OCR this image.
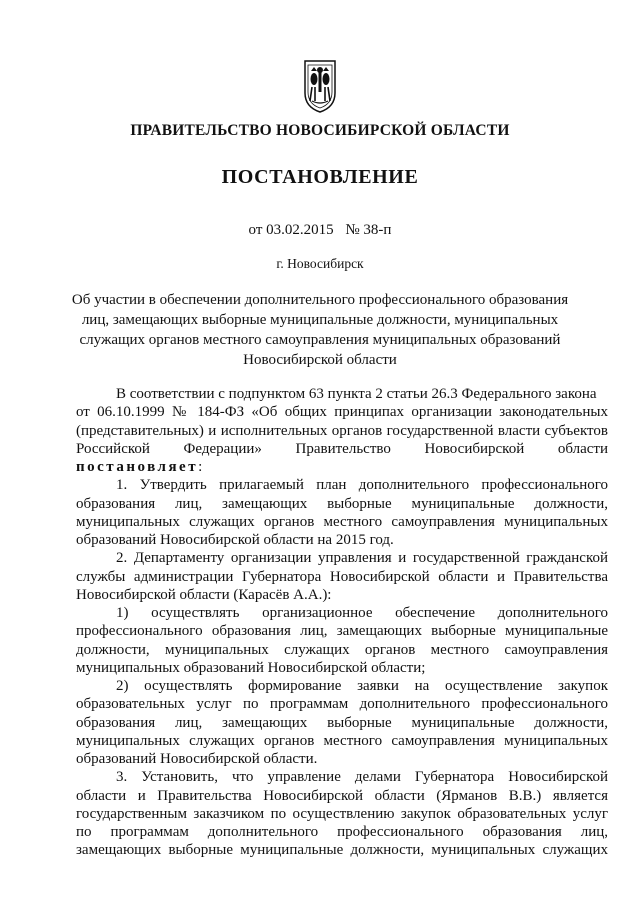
ПРАВИТЕЛЬСТВО НОВОСИБИРСКОЙ ОБЛАСТИ
ПОСТАНОВЛЕНИЕ
от 03.02.2015 № 38-п
г. Новосибирск
Об участии в обеспечении дополнительного профессионального образования
лиц, замещающих выборные муниципальные должности, муниципальных
служащих органов местного самоуправления муниципальных образований
Новосибирской области
В соответствии с подпунктом 63 пункта 2 статьи 26.3 Федерального закона
от 06.10.1999 № 184-ФЗ «Об общих принципах организации законодательных
(представительных) и исполнительных органов государственной власти субъектов
Российской Федерации» Правительство Новосибирской области
постановляет:
1. Утвердить прилагаемый план дополнительного профессионального
образования лиц, замещающих выборные муниципальные должности,
муниципальных служащих органов местного самоуправления муниципальных
образований Новосибирской области на 2015 год.
2. Департаменту организации управления и государственной гражданской
службы администрации Губернатора Новосибирской области и Правительства
Новосибирской области (Карасёв А.А.):
1) осуществлять организационное обеспечение дополнительного
профессионального образования лиц, замещающих выборные муниципальные
должности, муниципальных служащих органов местного самоуправления
муниципальных образований Новосибирской области;
2) осуществлять формирование заявки на осуществление закупок
образовательных услуг по программам дополнительного профессионального
образования лиц, замещающих выборные муниципальные должности,
муниципальных служащих органов местного самоуправления муниципальных
образований Новосибирской области.
3. Установить, что управление делами Губернатора Новосибирской
области и Правительства Новосибирской области (Ярманов В.В.) является
государственным заказчиком по осуществлению закупок образовательных услуг
по программам дополнительного профессионального образования лиц,
замещающих выборные муниципальные должности, муниципальных служащих
